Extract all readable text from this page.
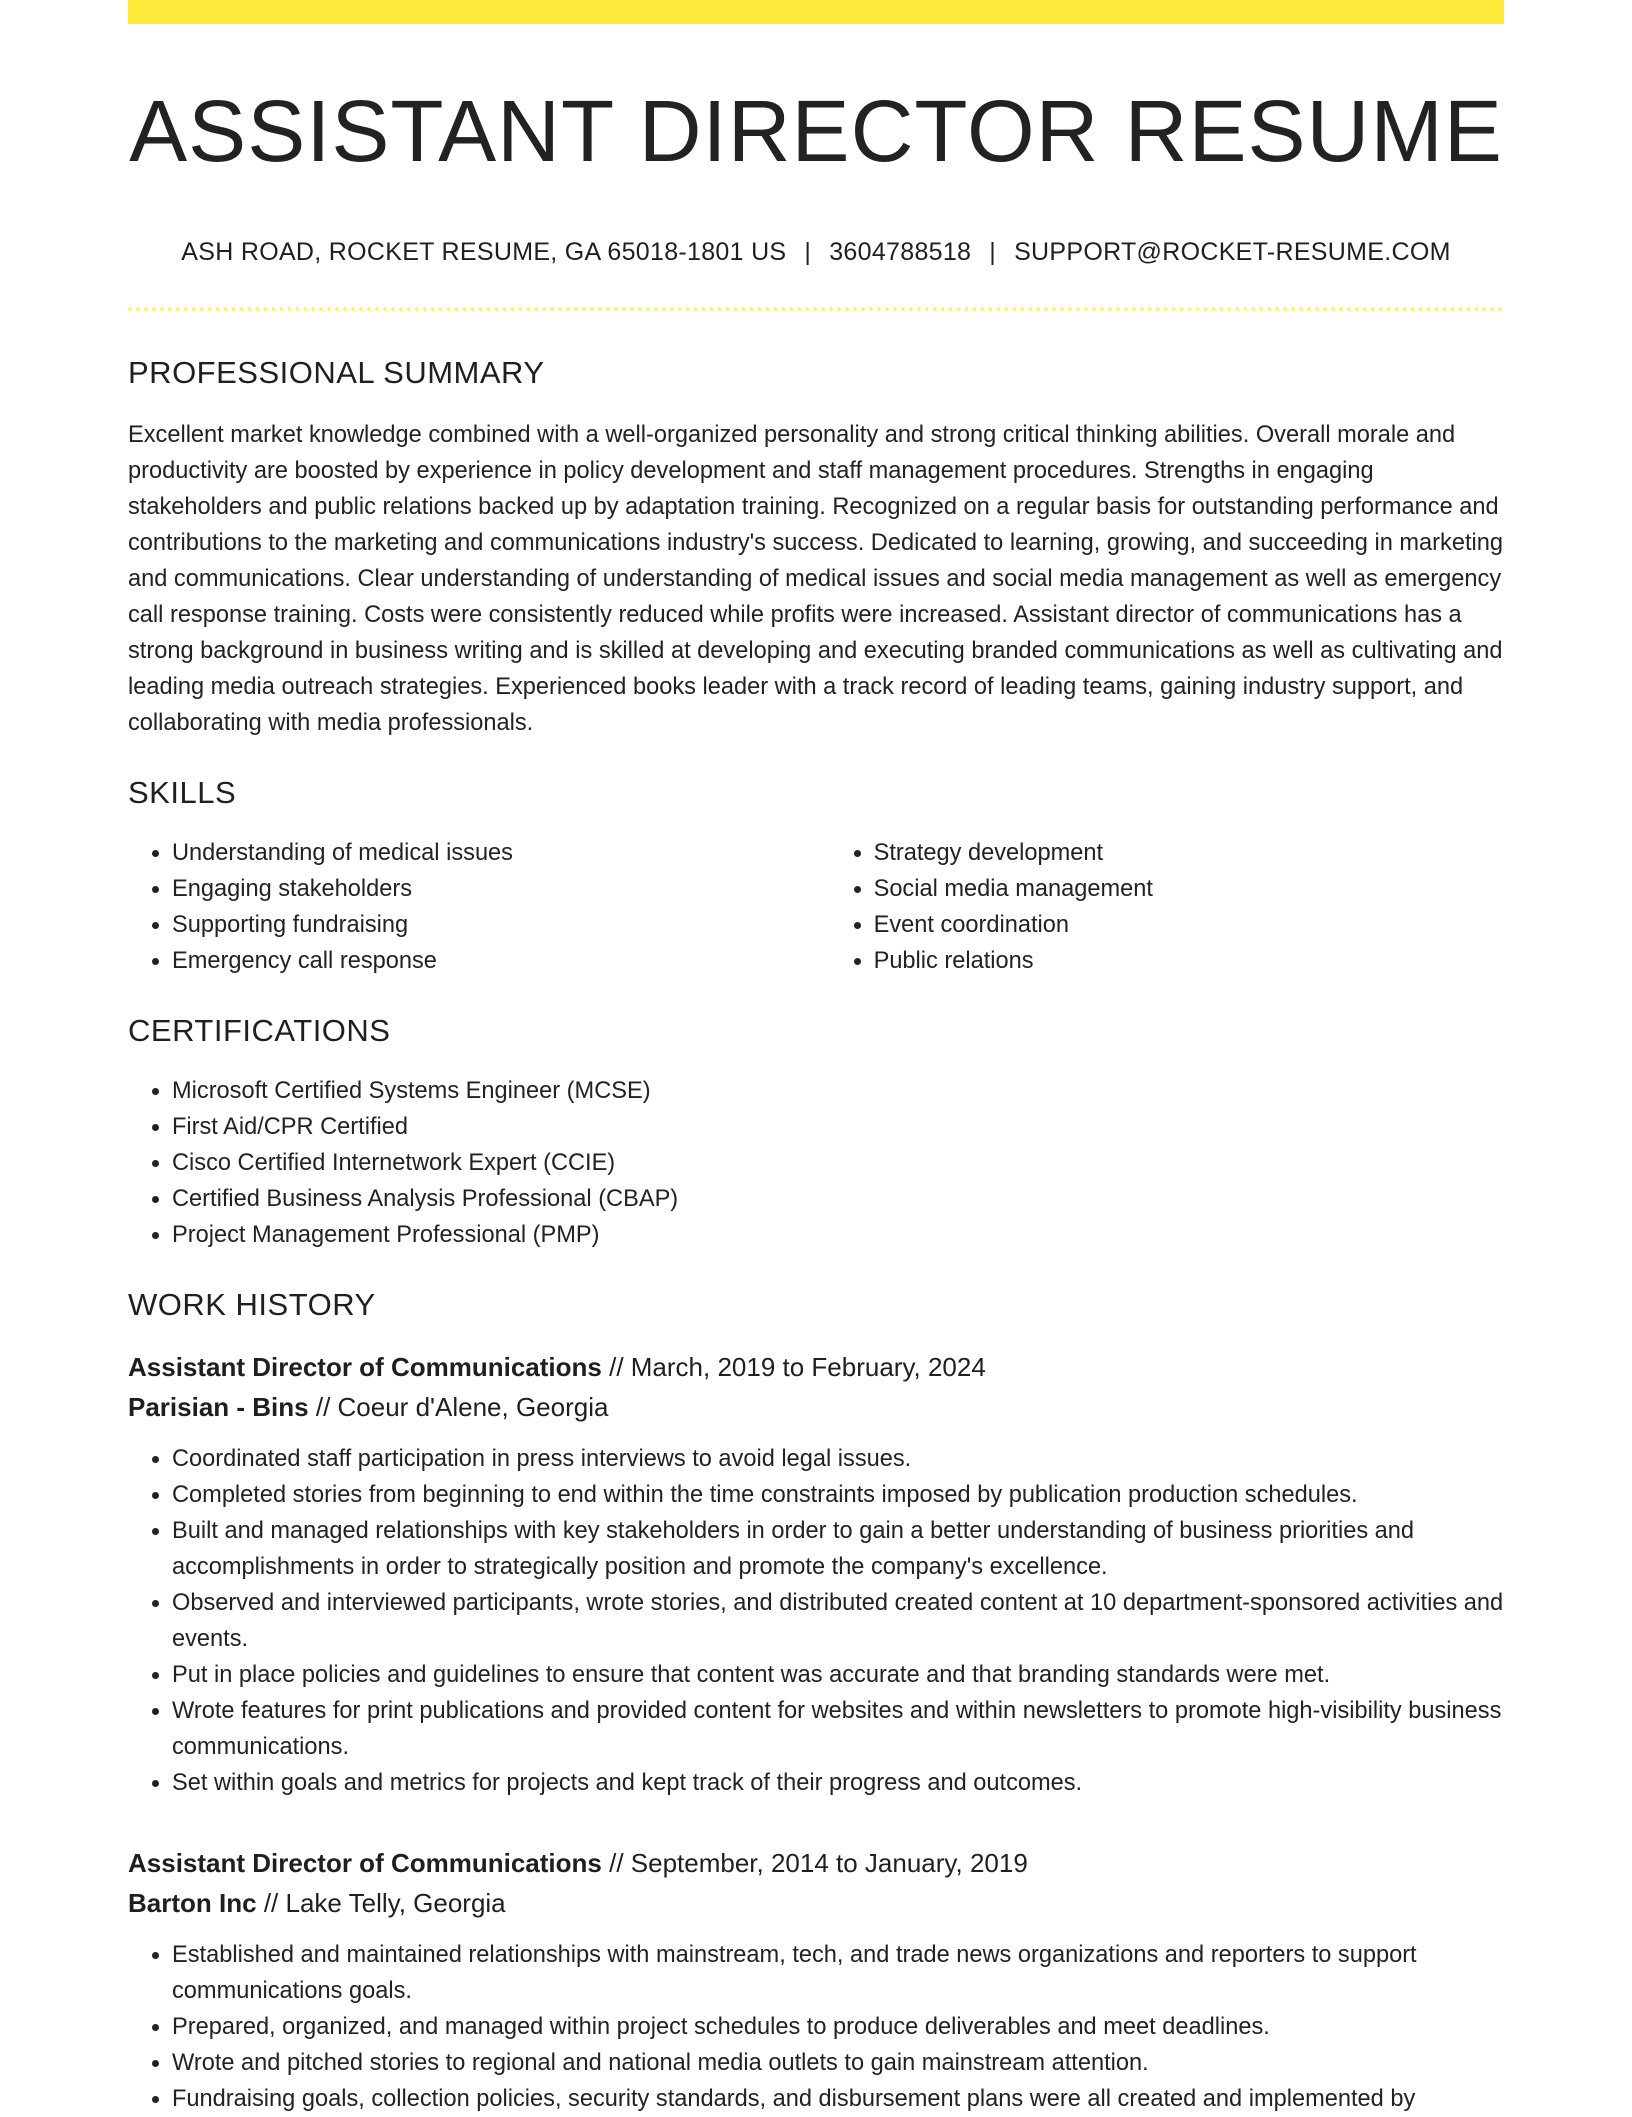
ASSISTANT DIRECTOR RESUME
ASH ROAD, ROCKET RESUME, GA 65018-1801 US | 3604788518 | SUPPORT@ROCKET-RESUME.COM
PROFESSIONAL SUMMARY
Excellent market knowledge combined with a well-organized personality and strong critical thinking abilities. Overall morale and productivity are boosted by experience in policy development and staff management procedures. Strengths in engaging stakeholders and public relations backed up by adaptation training. Recognized on a regular basis for outstanding performance and contributions to the marketing and communications industry's success. Dedicated to learning, growing, and succeeding in marketing and communications. Clear understanding of understanding of medical issues and social media management as well as emergency call response training. Costs were consistently reduced while profits were increased. Assistant director of communications has a strong background in business writing and is skilled at developing and executing branded communications as well as cultivating and leading media outreach strategies. Experienced books leader with a track record of leading teams, gaining industry support, and collaborating with media professionals.
SKILLS
• Understanding of medical issues
• Engaging stakeholders
• Supporting fundraising
• Emergency call response
• Strategy development
• Social media management
• Event coordination
• Public relations
CERTIFICATIONS
• Microsoft Certified Systems Engineer (MCSE)
• First Aid/CPR Certified
• Cisco Certified Internetwork Expert (CCIE)
• Certified Business Analysis Professional (CBAP)
• Project Management Professional (PMP)
WORK HISTORY
Assistant Director of Communications // March, 2019 to February, 2024
Parisian - Bins // Coeur d'Alene, Georgia
• Coordinated staff participation in press interviews to avoid legal issues.
• Completed stories from beginning to end within the time constraints imposed by publication production schedules.
• Built and managed relationships with key stakeholders in order to gain a better understanding of business priorities and accomplishments in order to strategically position and promote the company's excellence.
• Observed and interviewed participants, wrote stories, and distributed created content at 10 department-sponsored activities and events.
• Put in place policies and guidelines to ensure that content was accurate and that branding standards were met.
• Wrote features for print publications and provided content for websites and within newsletters to promote high-visibility business communications.
• Set within goals and metrics for projects and kept track of their progress and outcomes.
Assistant Director of Communications // September, 2014 to January, 2019
Barton Inc // Lake Telly, Georgia
• Established and maintained relationships with mainstream, tech, and trade news organizations and reporters to support communications goals.
• Prepared, organized, and managed within project schedules to produce deliverables and meet deadlines.
• Wrote and pitched stories to regional and national media outlets to gain mainstream attention.
• Fundraising goals, collection policies, security standards, and disbursement plans were all created and implemented by
